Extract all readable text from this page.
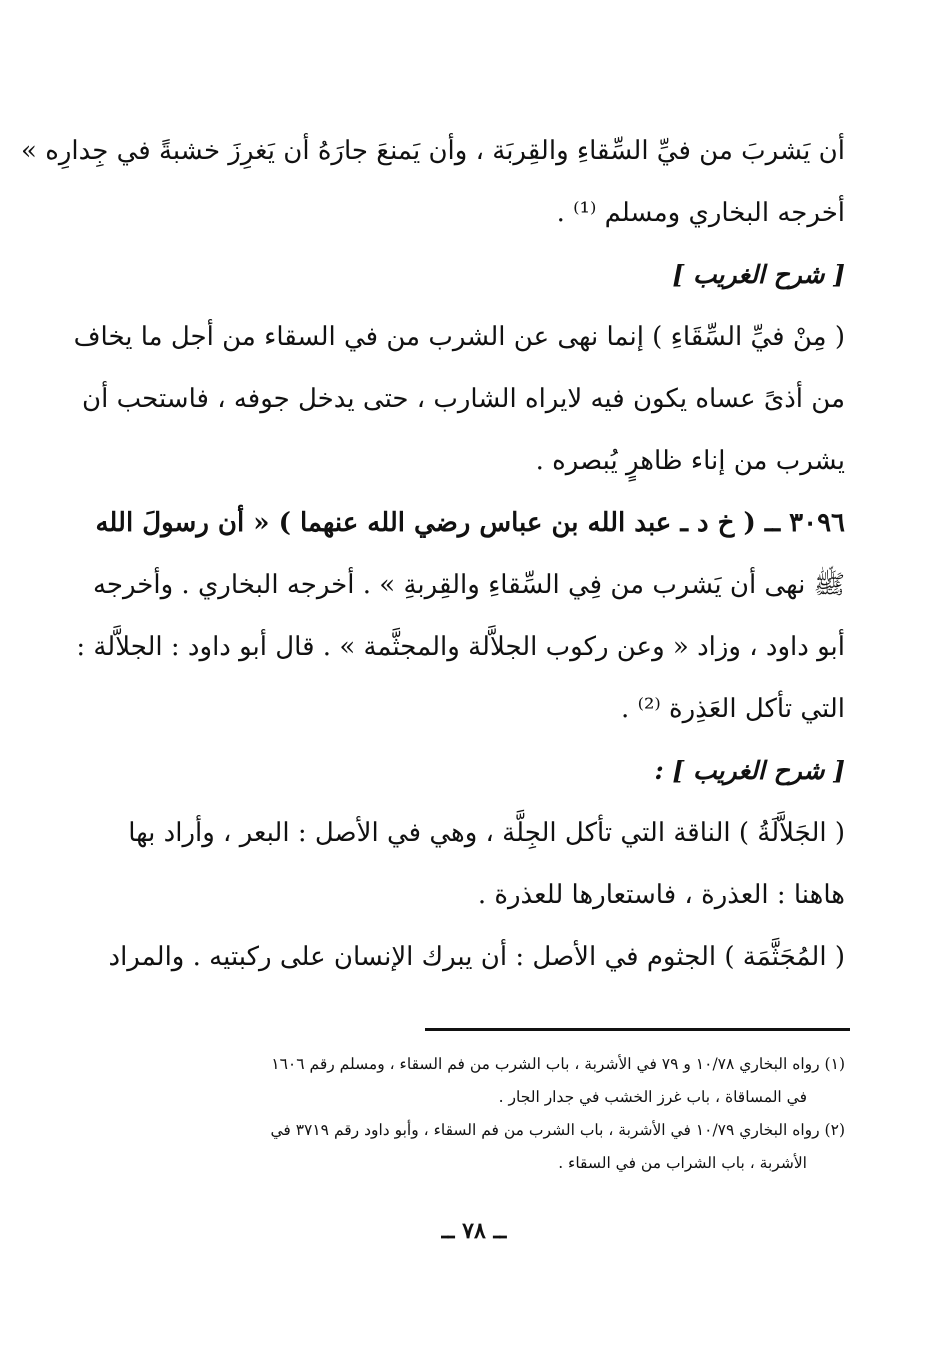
أن يَشربَ من فيِّ السِّقاءِ والقِربَة ، وأن يَمنعَ جارَهُ أن يَغرِزَ خشبةً في جِدارِه »
أخرجه البخاري ومسلم ⁽¹⁾ .
[ شرح الغريب ]
( مِنْ فيِّ السِّقَاءِ ) إنما نهى عن الشرب من في السقاء من أجل ما يخاف
من أذىً عساه يكون فيه لايراه الشارب ، حتى يدخل جوفه ، فاستحب أن
يشرب من إناء ظاهرٍ يُبصره .
٣٠٩٦ ــ ( خ د ـ عبد الله بن عباس رضي الله عنهما ) « أن رسولَ الله
ﷺ نهى أن يَشرب من فِي السِّقاءِ والقِربةِ » . أخرجه البخاري . وأخرجه
أبو داود ، وزاد « وعن ركوب الجلاَّلة والمجثَّمة » . قال أبو داود : الجلاَّلة :
التي تأكل العَذِرة ⁽²⁾ .
[ شرح الغريب ] :
( الجَلاَّلَةُ ) الناقة التي تأكل الجِلَّة ، وهي في الأصل : البعر ، وأراد بها
هاهنا : العذرة ، فاستعارها للعذرة .
( المُجَثَّمَة ) الجثوم في الأصل : أن يبرك الإنسان على ركبتيه . والمراد
(١) رواه البخاري ١٠/٧٨ و ٧٩ في الأشربة ، باب الشرب من فم السقاء ، ومسلم رقم ١٦٠٦
في المساقاة ، باب غرز الخشب في جدار الجار .
(٢) رواه البخاري ١٠/٧٩ في الأشربة ، باب الشرب من فم السقاء ، وأبو داود رقم ٣٧١٩ في
الأشربة ، باب الشراب من في السقاء .
ــ ٧٨ ــ
